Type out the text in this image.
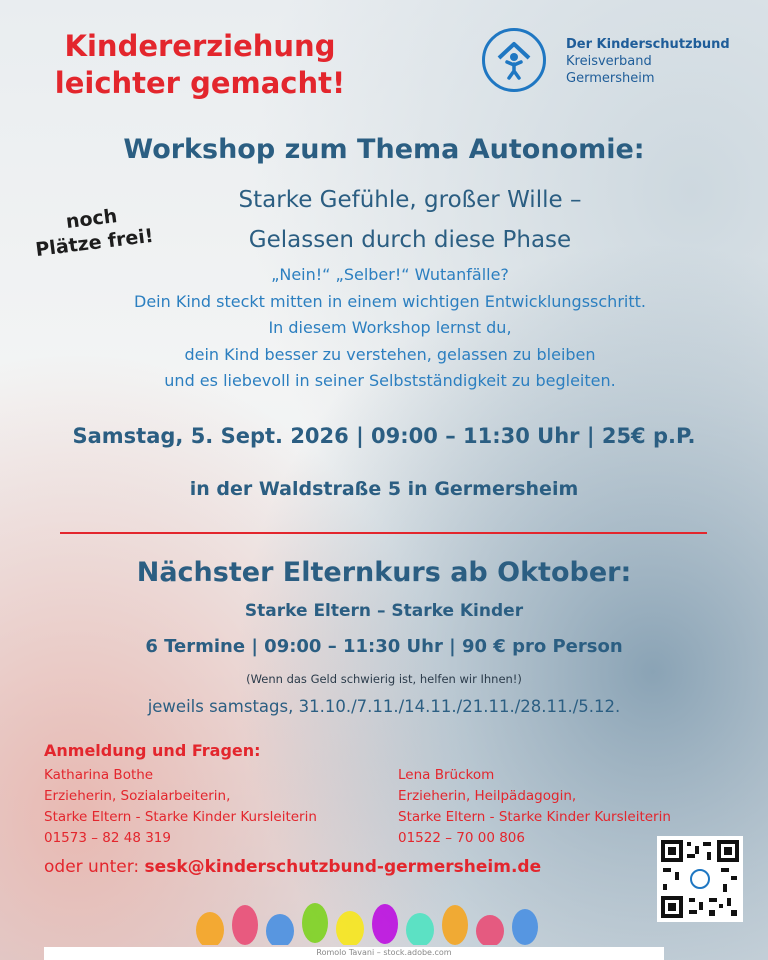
Kindererziehung
leichter gemacht!
Der Kinderschutzbund
Kreisverband
Germersheim
Workshop zum Thema Autonomie:
Starke Gefühle, großer Wille –
Gelassen durch diese Phase
noch
Plätze frei!
„Nein!“ „Selber!“ Wutanfälle?
Dein Kind steckt mitten in einem wichtigen Entwicklungsschritt.
In diesem Workshop lernst du,
dein Kind besser zu verstehen, gelassen zu bleiben
und es liebevoll in seiner Selbstständigkeit zu begleiten.
Samstag, 5. Sept. 2026 | 09:00 – 11:30 Uhr | 25€ p.P.
in der Waldstraße 5 in Germersheim
Nächster Elternkurs ab Oktober:
Starke Eltern – Starke Kinder
6 Termine | 09:00 – 11:30 Uhr | 90 € pro Person
(Wenn das Geld schwierig ist, helfen wir Ihnen!)
jeweils samstags, 31.10./7.11./14.11./21.11./28.11./5.12.
Anmeldung und Fragen:
Katharina Bothe
Erzieherin, Sozialarbeiterin,
Starke Eltern - Starke Kinder Kursleiterin
01573 – 82 48 319
Lena Brückom
Erzieherin, Heilpädagogin,
Starke Eltern - Starke Kinder Kursleiterin
01522 – 70 00 806
oder unter: sesk@kinderschutzbund-germersheim.de
Romolo Tavani – stock.adobe.com
